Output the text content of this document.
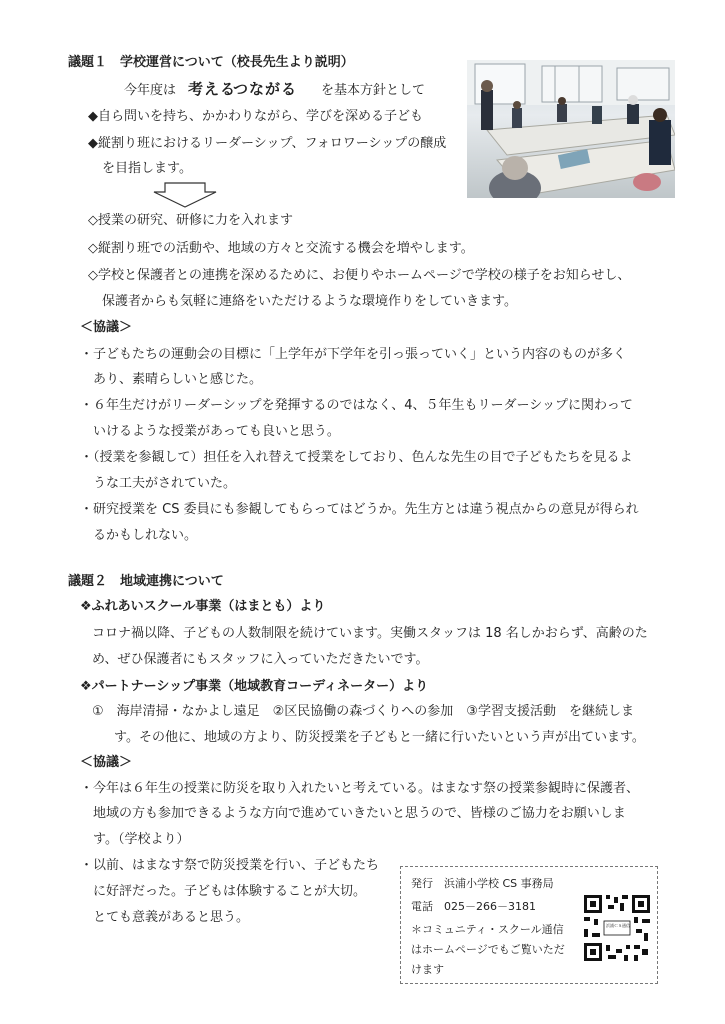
議題１　学校運営について（校長先生より説明）
今年度は 考える
つながる を基本方針として
◆自ら問いを持ち、かかわりながら、学びを深める子ども
◆縦割り班におけるリーダーシップ、フォロワーシップの醸成
を目指します。
◇授業の研究、研修に力を入れます
◇縦割り班での活動や、地域の方々と交流する機会を増やします。
◇学校と保護者との連携を深めるために、お便りやホームページで学校の様子をお知らせし、
保護者からも気軽に連絡をいただけるような環境作りをしていきます。
＜協議＞
・子どもたちの運動会の目標に「上学年が下学年を引っ張っていく」という内容のものが多く
あり、素晴らしいと感じた。
・６年生だけがリーダーシップを発揮するのではなく、4、５年生もリーダーシップに関わって
いけるような授業があっても良いと思う。
・（授業を参観して）担任を入れ替えて授業をしており、色んな先生の目で子どもたちを見るよ
うな工夫がされていた。
・研究授業を CS 委員にも参観してもらってはどうか。先生方とは違う視点からの意見が得られ
るかもしれない。
議題２　地域連携について
❖ふれあいスクール事業（はまとも）より
コロナ禍以降、子どもの人数制限を続けています。実働スタッフは 18 名しかおらず、高齢のた
め、ぜひ保護者にもスタッフに入っていただきたいです。
❖パートナーシップ事業（地域教育コーディネーター）より
①　海岸清掃・なかよし遠足　②区民協働の森づくりへの参加　③学習支援活動　を継続しま
す。その他に、地域の方より、防災授業を子どもと一緒に行いたいという声が出ています。
＜協議＞
・今年は６年生の授業に防災を取り入れたいと考えている。はまなす祭の授業参観時に保護者、
地域の方も参加できるような方向で進めていきたいと思うので、皆様のご協力をお願いしま
す。（学校より）
・以前、はまなす祭で防災授業を行い、子どもたち
に好評だった。子どもは体験することが大切。
とても意義があると思う。
発行　浜浦小学校 CS 事務局
電話　025－266－3181
＊コミュニティ・スクール通信
はホームページでもご覧いただ
けます
浜浦ＣＳ通信
